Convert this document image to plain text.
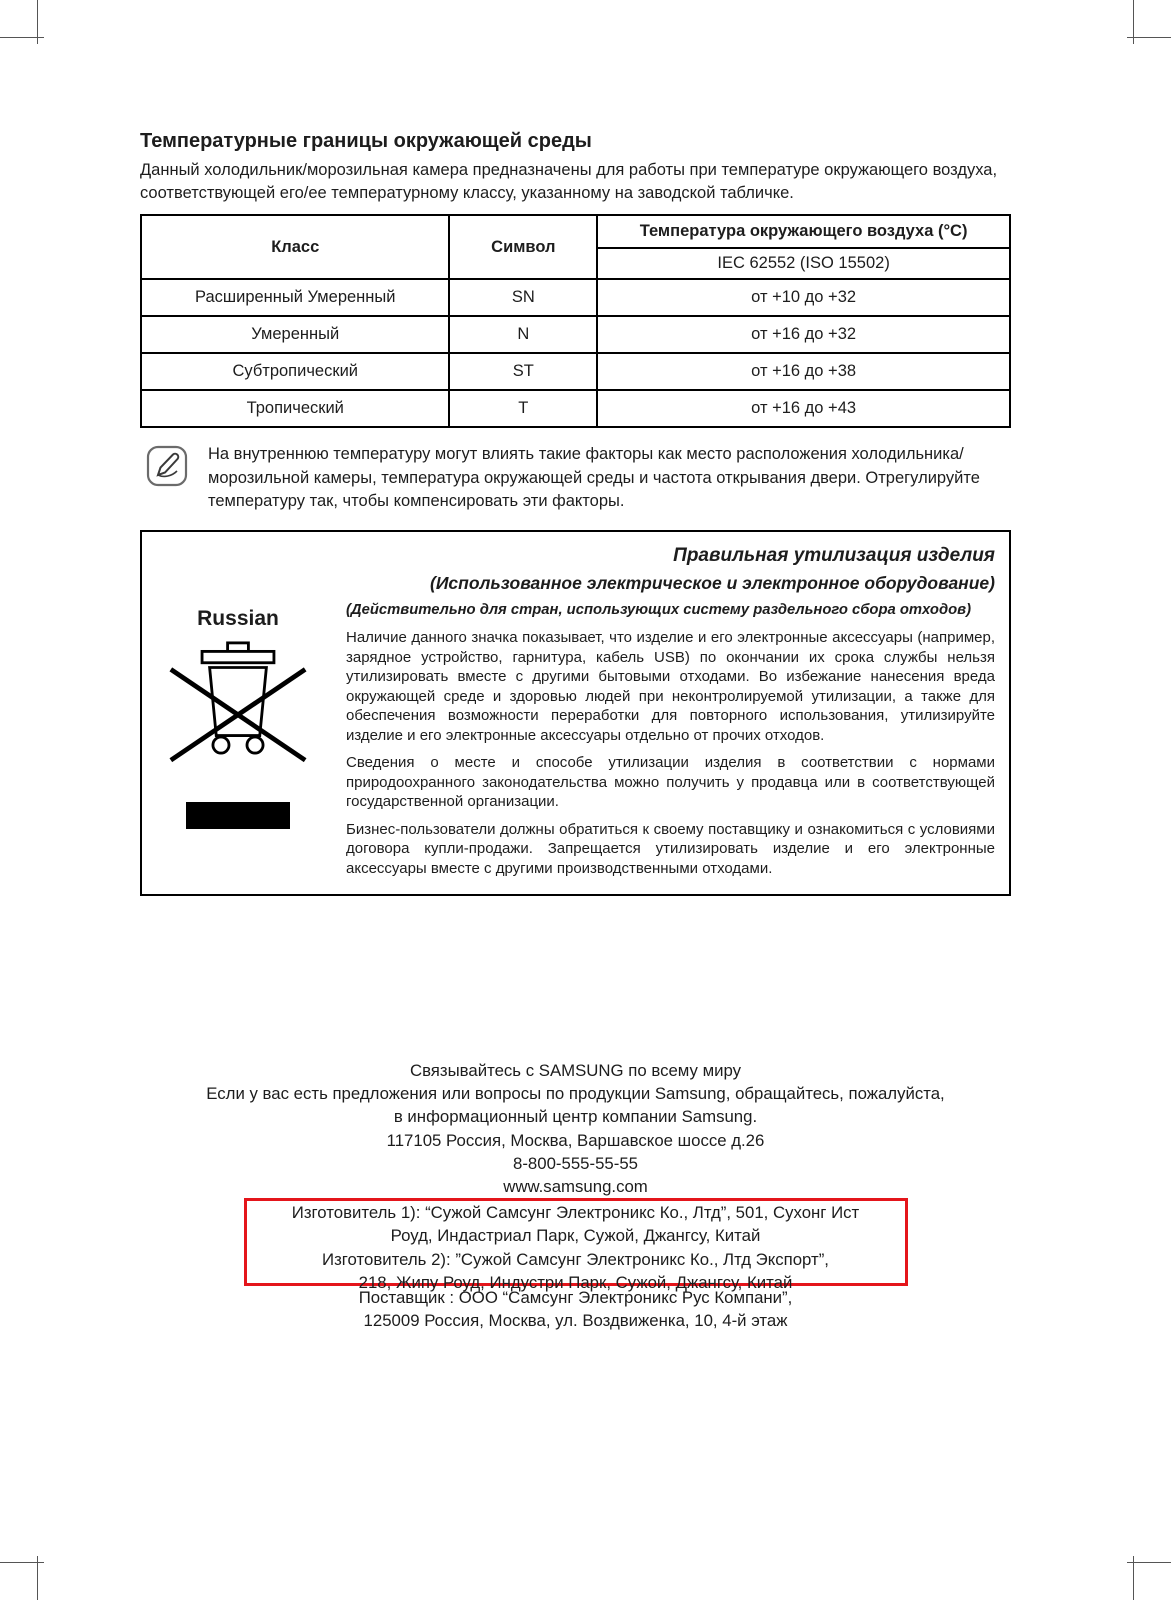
Температурные границы окружающей среды

Данный холодильник/морозильная камера предназначены для работы при температуре окружающего воздуха, соответствующей его/ее температурному классу, указанному на заводской табличке.

Класс	Символ	Температура окружающего воздуха (°C)
		IEC 62552 (ISO 15502)
Расширенный Умеренный	SN	от +10 до +32
Умеренный	N	от +16 до +32
Субтропический	ST	от +16 до +38
Тропический	T	от +16 до +43
На внутреннюю температуру могут влиять такие факторы как место расположения холодильника/морозильной камеры, температура окружающей среды и частота открывания двери. Отрегулируйте температуру так, чтобы компенсировать эти факторы.
Правильная утилизация изделия
(Использованное электрическое и электронное оборудование)
Russian	(Действительно для стран, использующих систему раздельного сбора отходов)

Наличие данного значка показывает, что изделие и его электронные аксессуары (например, зарядное устройство, гарнитура, кабель USB) по окончании их срока службы нельзя утилизировать вместе с другими бытовыми отходами. Во избежание нанесения вреда окружающей среде и здоровью людей при неконтролируемой утилизации, а также для обеспечения возможности переработки для повторного использования, утилизируйте изделие и его электронные аксессуары отдельно от прочих отходов.

Сведения о месте и способе утилизации изделия в соответствии с нормами природоохранного законодательства можно получить у продавца или в соответствующей государственной организации.

Бизнес-пользователи должны обратиться к своему поставщику и ознакомиться с условиями договора купли-продажи. Запрещается утилизировать изделие и его электронные аксессуары вместе с другими производственными отходами.

Связывайтесь с SAMSUNG по всему миру
Если у вас есть предложения или вопросы по продукции Samsung, обращайтесь, пожалуйста,
в информационный центр компании Samsung.
117105 Россия, Москва, Варшавское шоссе д.26
8-800-555-55-55
www.samsung.com
Изготовитель 1): “Сужой Самсунг Электроникс Ко., Лтд”, 501, Сухонг Ист
Роуд, Индастриал Парк, Сужой, Джангсу, Китай
Изготовитель 2): ”Сужой Самсунг Электроникс Ко., Лтд Экспорт”,
218, Жипу Роуд, Индустри Парк, Сужой, Джангсу, Китай
Поставщик : ООО “Самсунг Электроникс Рус Компани”,
125009 Россия, Москва, ул. Воздвиженка, 10, 4-й этаж
